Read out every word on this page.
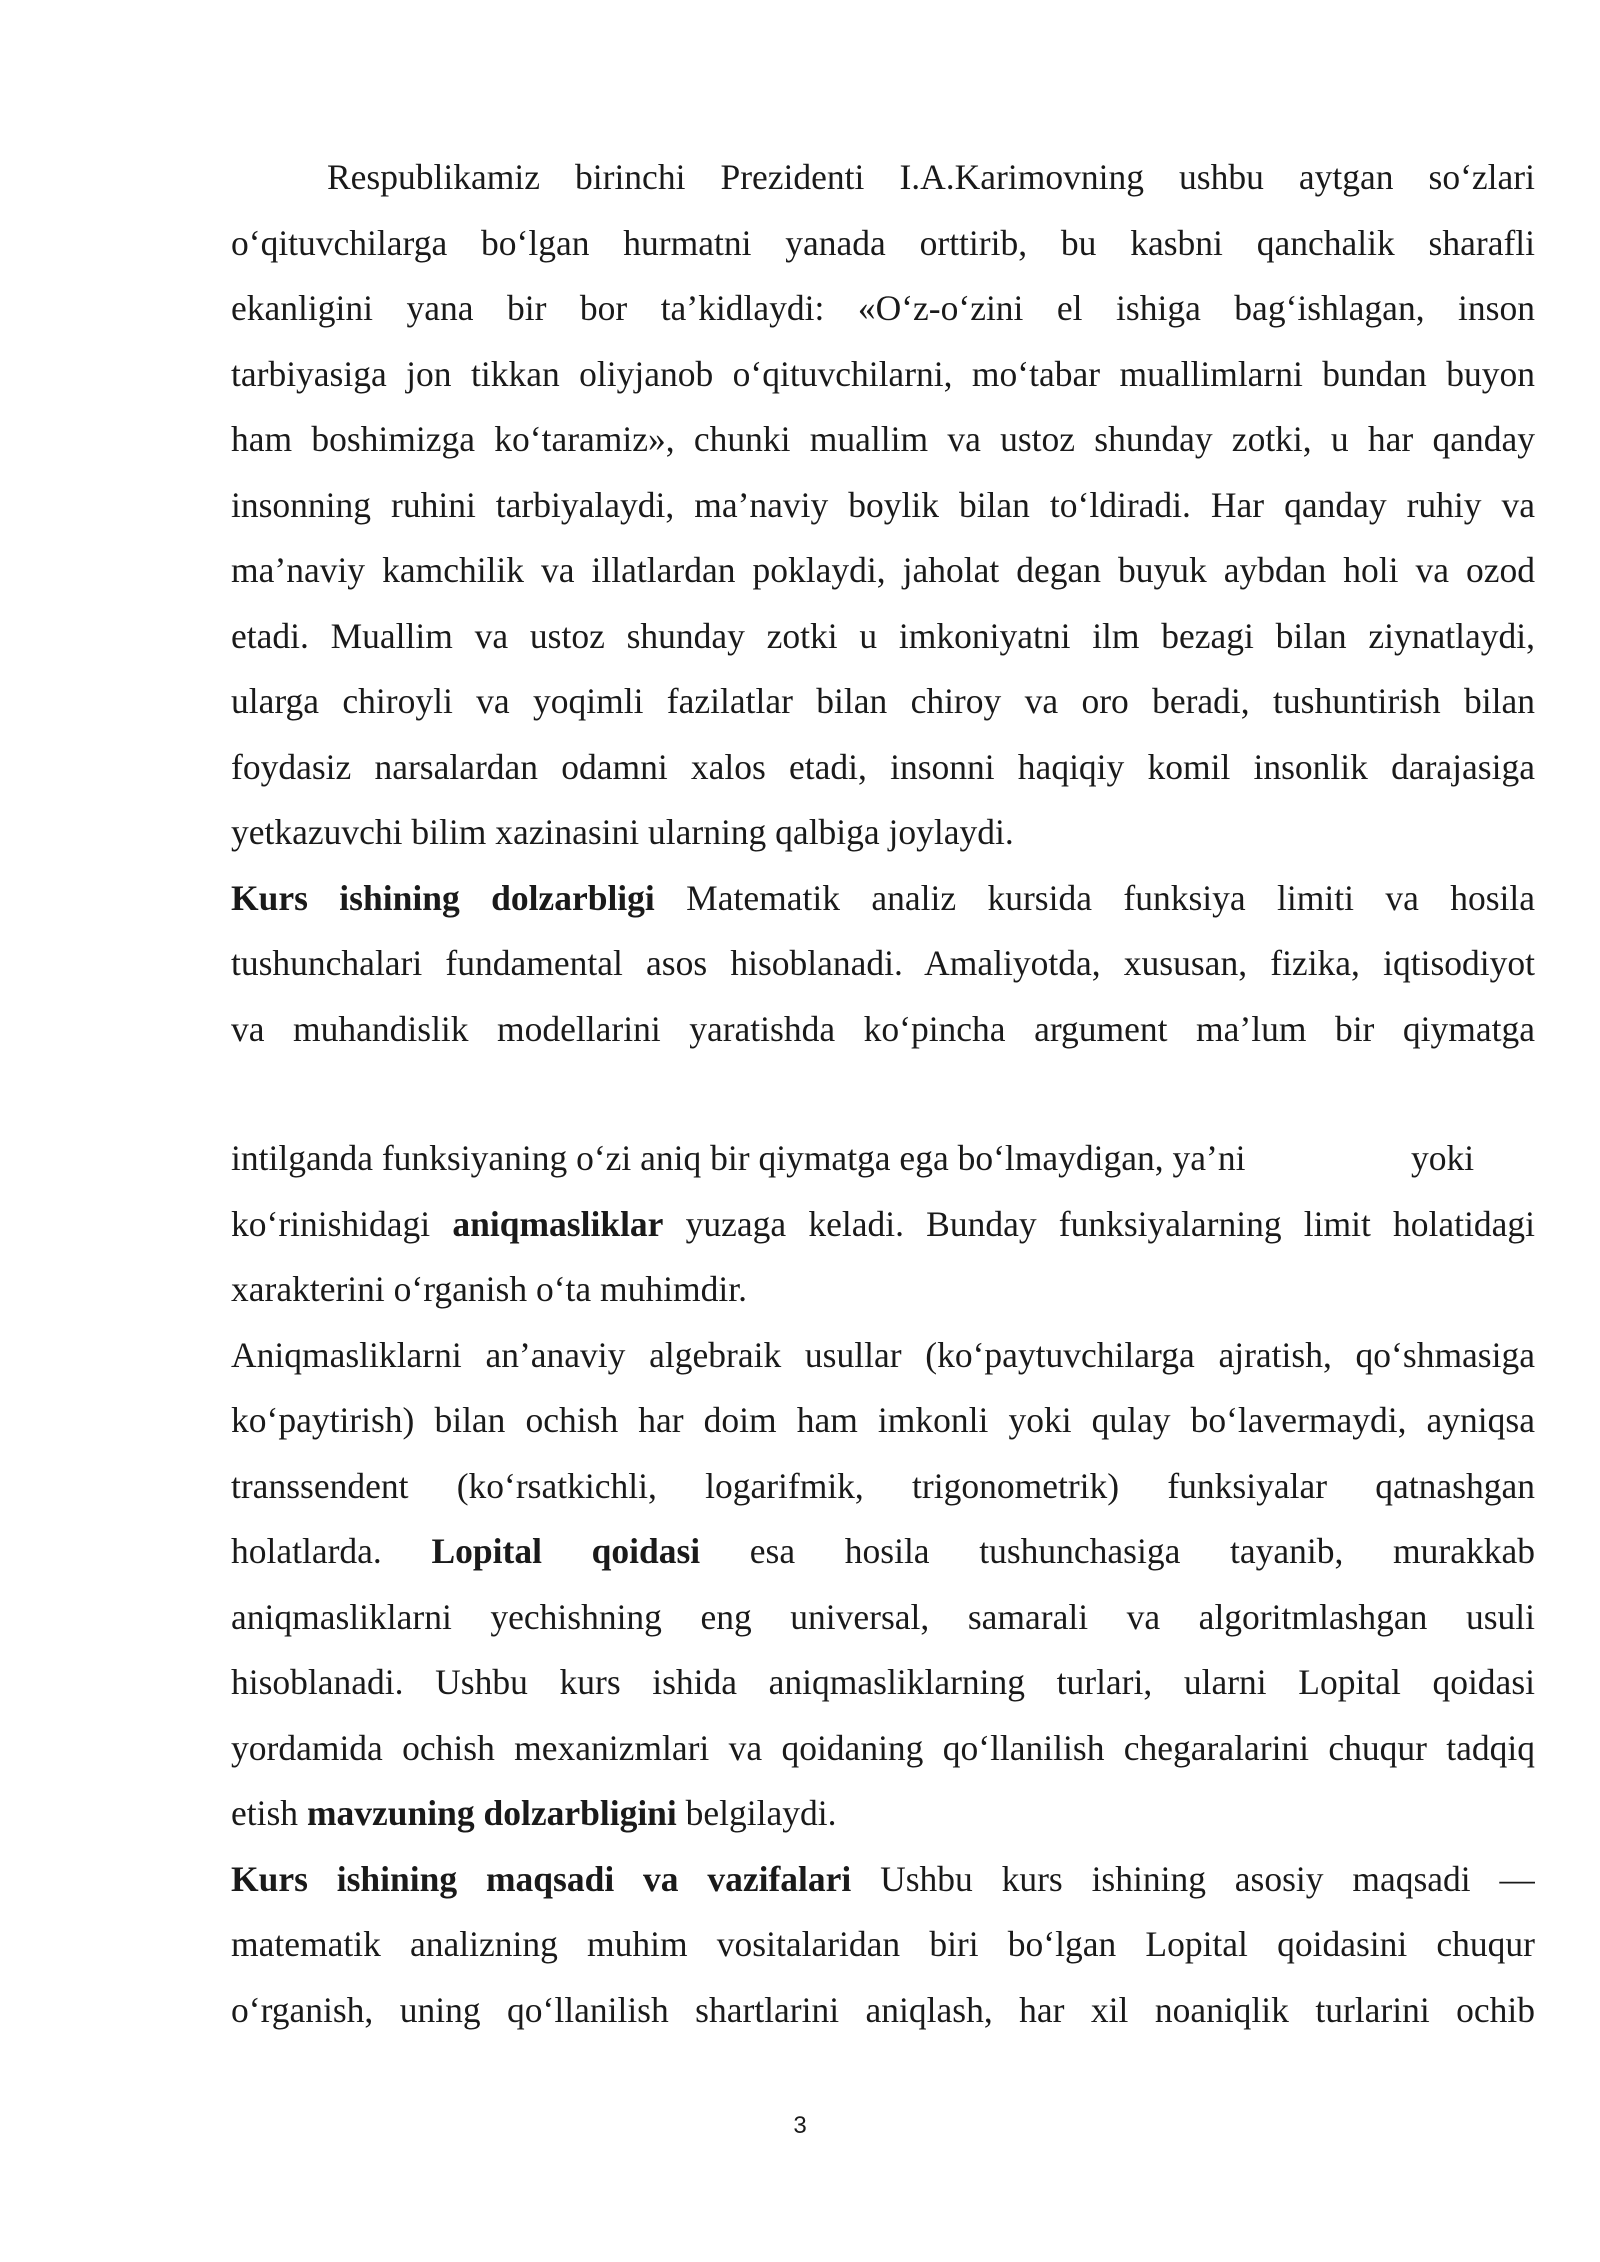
Respublikamiz birinchi Prezidenti I.A.Karimovning ushbu aytgan so‘zlari
o‘qituvchilarga bo‘lgan hurmatni yanada orttirib, bu kasbni qanchalik sharafli
ekanligini yana bir bor ta’kidlaydi: «O‘z-o‘zini el ishiga bag‘ishlagan, inson
tarbiyasiga jon tikkan oliyjanob o‘qituvchilarni, mo‘tabar muallimlarni bundan buyon
ham boshimizga ko‘taramiz», chunki muallim va ustoz shunday zotki, u har qanday
insonning ruhini tarbiyalaydi, ma’naviy boylik bilan to‘ldiradi. Har qanday ruhiy va
ma’naviy kamchilik va illatlardan poklaydi, jaholat degan buyuk aybdan holi va ozod
etadi. Muallim va ustoz shunday zotki u imkoniyatni ilm bezagi bilan ziynatlaydi,
ularga chiroyli va yoqimli fazilatlar bilan chiroy va oro beradi, tushuntirish bilan
foydasiz narsalardan odamni xalos etadi, insonni haqiqiy komil insonlik darajasiga
yetkazuvchi bilim xazinasini ularning qalbiga joylaydi.
Kurs ishining dolzarbligi Matematik analiz kursida funksiya limiti va hosila
tushunchalari fundamental asos hisoblanadi. Amaliyotda, xususan, fizika, iqtisodiyot
va muhandislik modellarini yaratishda ko‘pincha argument ma’lum bir qiymatga
intilganda funksiyaning o‘zi aniq bir qiymatga ega bo‘lmaydigan, ya’ni	yoki
ko‘rinishidagi aniqmasliklar yuzaga keladi. Bunday funksiyalarning limit holatidagi
xarakterini o‘rganish o‘ta muhimdir.
Aniqmasliklarni an’anaviy algebraik usullar (ko‘paytuvchilarga ajratish, qo‘shmasiga
ko‘paytirish) bilan ochish har doim ham imkonli yoki qulay bo‘lavermaydi, ayniqsa
transsendent (ko‘rsatkichli, logarifmik, trigonometrik) funksiyalar qatnashgan
holatlarda. Lopital qoidasi esa hosila tushunchasiga tayanib, murakkab
aniqmasliklarni yechishning eng universal, samarali va algoritmlashgan usuli
hisoblanadi. Ushbu kurs ishida aniqmasliklarning turlari, ularni Lopital qoidasi
yordamida ochish mexanizmlari va qoidaning qo‘llanilish chegaralarini chuqur tadqiq
etish mavzuning dolzarbligini belgilaydi.
Kurs ishining maqsadi va vazifalari Ushbu kurs ishining asosiy maqsadi —
matematik analizning muhim vositalaridan biri bo‘lgan Lopital qoidasini chuqur
o‘rganish, uning qo‘llanilish shartlarini aniqlash, har xil noaniqlik turlarini ochib
3
